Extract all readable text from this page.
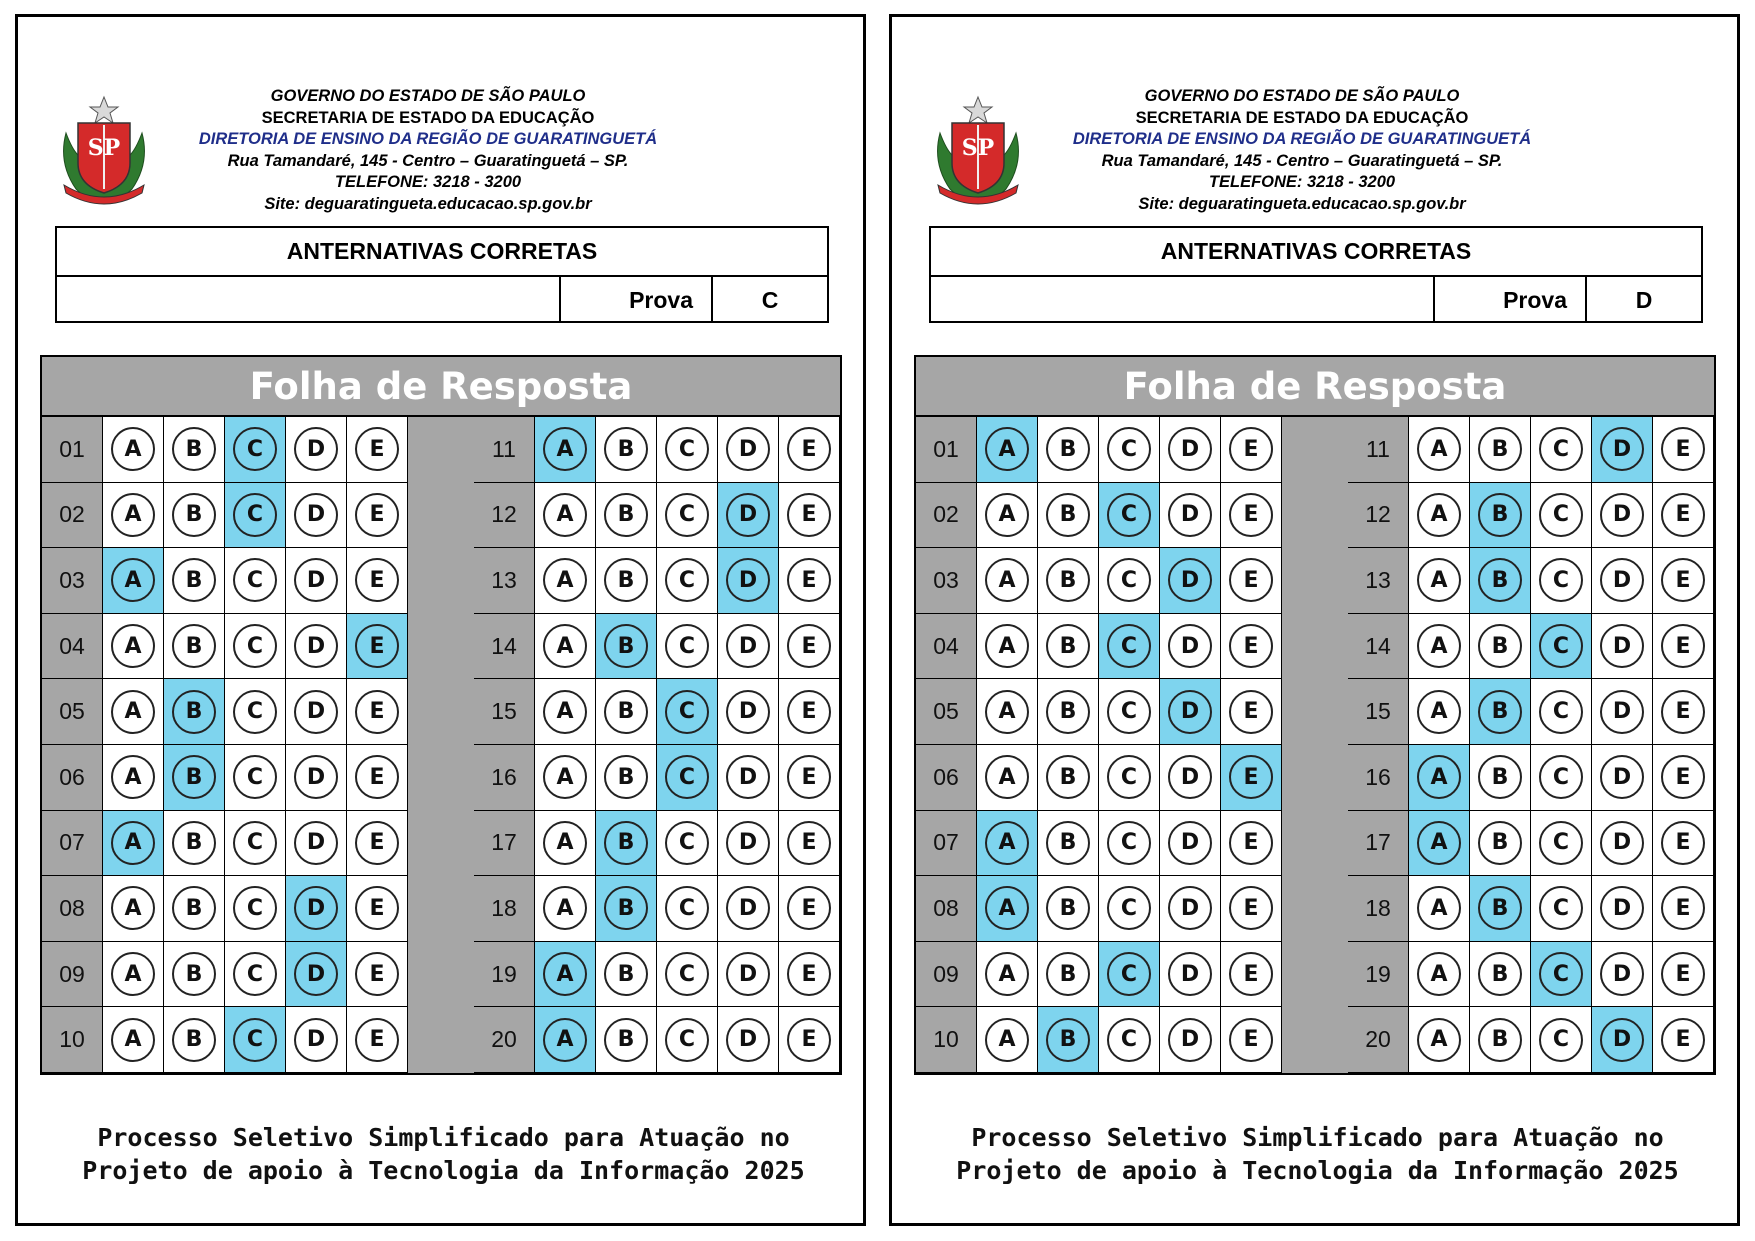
SP
GOVERNO DO ESTADO DE SÃO PAULO
SECRETARIA DE ESTADO DA EDUCAÇÃO
DIRETORIA DE ENSINO DA REGIÃO DE GUARATINGUETÁ
Rua Tamandaré, 145 - Centro – Guaratinguetá – SP.
TELEFONE: 3218 - 3200
Site: deguaratingueta.educacao.sp.gov.br
ANTERNATIVAS CORRETAS
Prova	C
Folha de Resposta
01	A	B	C	D	E
02	A	B	C	D	E
03	A	B	C	D	E
04	A	B	C	D	E
05	A	B	C	D	E
06	A	B	C	D	E
07	A	B	C	D	E
08	A	B	C	D	E
09	A	B	C	D	E
10	A	B	C	D	E
11	A	B	C	D	E
12	A	B	C	D	E
13	A	B	C	D	E
14	A	B	C	D	E
15	A	B	C	D	E
16	A	B	C	D	E
17	A	B	C	D	E
18	A	B	C	D	E
19	A	B	C	D	E
20	A	B	C	D	E
Processo Seletivo Simplificado para Atuação no
Projeto de apoio à Tecnologia da Informação 2025
SP
GOVERNO DO ESTADO DE SÃO PAULO
SECRETARIA DE ESTADO DA EDUCAÇÃO
DIRETORIA DE ENSINO DA REGIÃO DE GUARATINGUETÁ
Rua Tamandaré, 145 - Centro – Guaratinguetá – SP.
TELEFONE: 3218 - 3200
Site: deguaratingueta.educacao.sp.gov.br
ANTERNATIVAS CORRETAS
Prova	D
Folha de Resposta
01	A	B	C	D	E
02	A	B	C	D	E
03	A	B	C	D	E
04	A	B	C	D	E
05	A	B	C	D	E
06	A	B	C	D	E
07	A	B	C	D	E
08	A	B	C	D	E
09	A	B	C	D	E
10	A	B	C	D	E
11	A	B	C	D	E
12	A	B	C	D	E
13	A	B	C	D	E
14	A	B	C	D	E
15	A	B	C	D	E
16	A	B	C	D	E
17	A	B	C	D	E
18	A	B	C	D	E
19	A	B	C	D	E
20	A	B	C	D	E
Processo Seletivo Simplificado para Atuação no
Projeto de apoio à Tecnologia da Informação 2025
